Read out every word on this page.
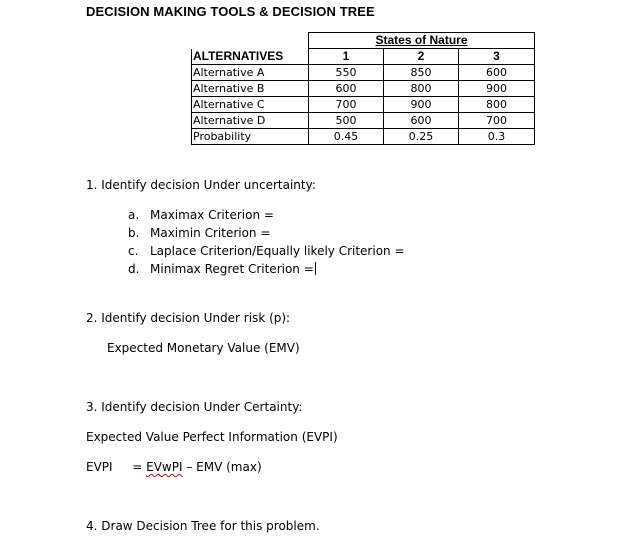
DECISION MAKING TOOLS & DECISION TREE
	States of Nature		
ALTERNATIVES	1	2	3
Alternative A	550	850	600
Alternative B	600	800	900
Alternative C	700	900	800
Alternative D	500	600	700
Probability	0.45	0.25	0.3
1. Identify decision Under uncertainty:
a. Maximax Criterion =
b. Maximin Criterion =
c. Laplace Criterion/Equally likely Criterion =
d. Minimax Regret Criterion =
2. Identify decision Under risk (p):
Expected Monetary Value (EMV)
3. Identify decision Under Certainty:
Expected Value Perfect Information (EVPI)
EVPI = EVwPI – EMV (max)
4. Draw Decision Tree for this problem.
